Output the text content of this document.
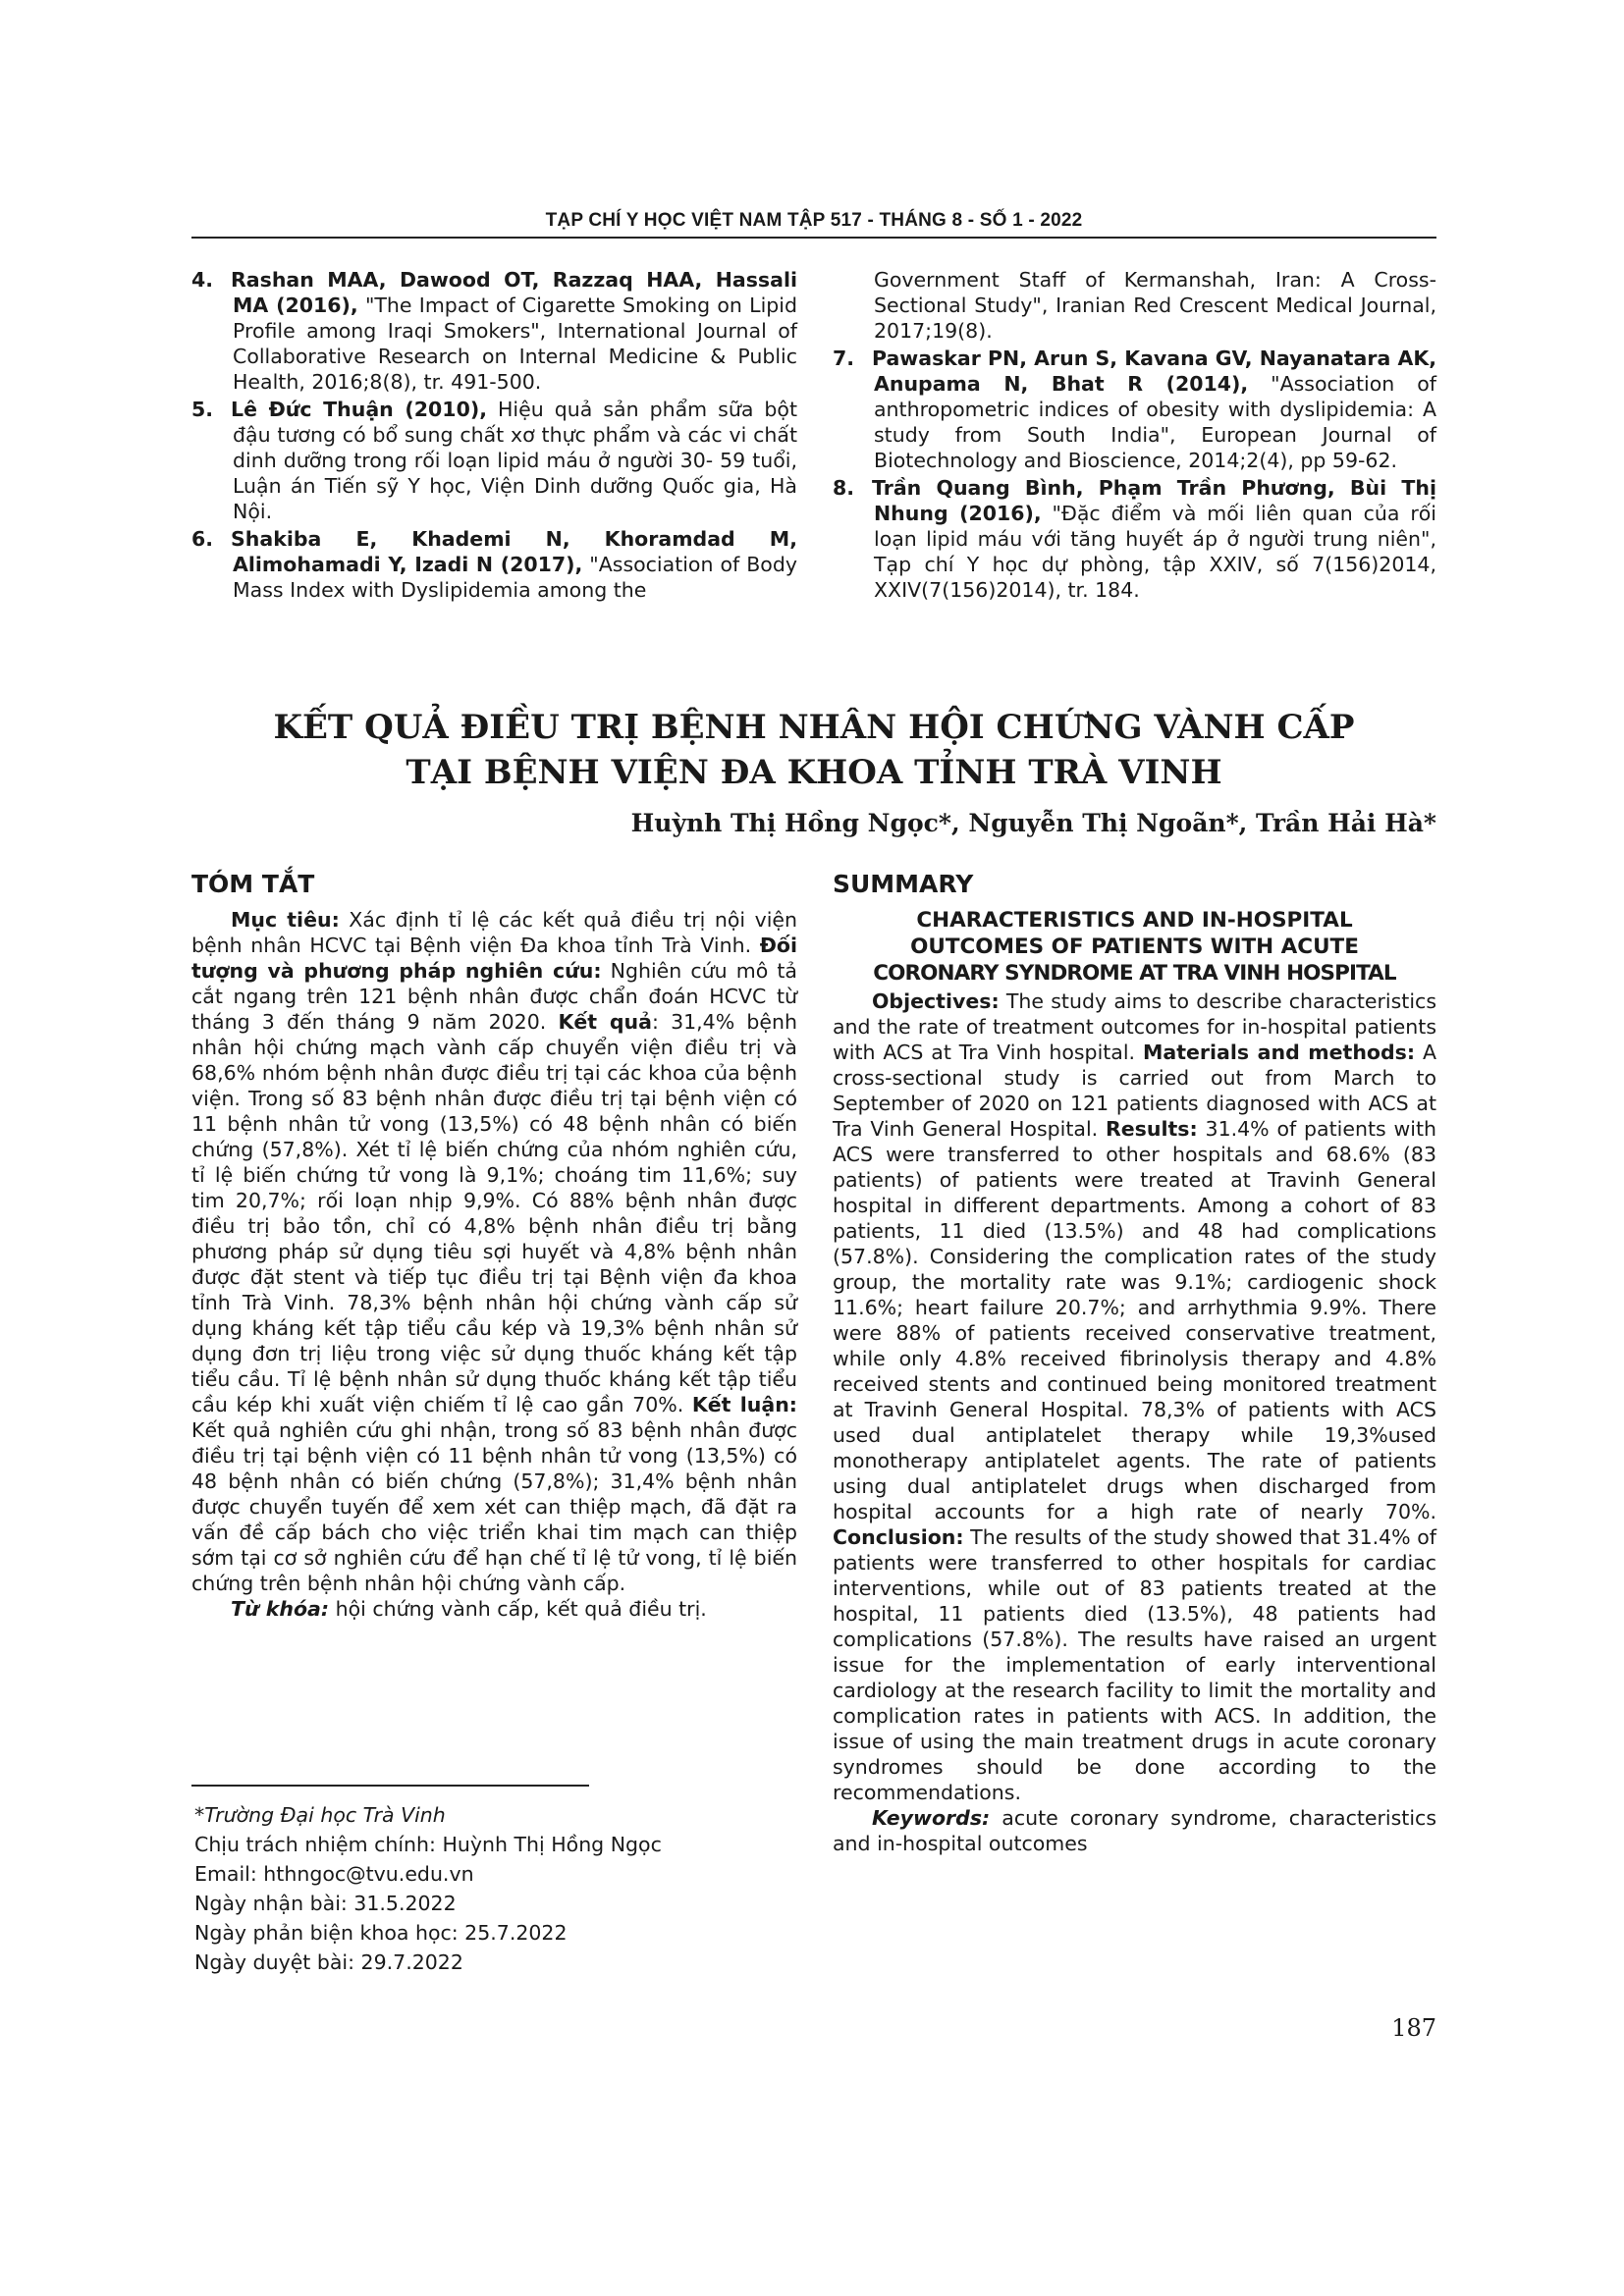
TẠP CHÍ Y HỌC VIỆT NAM TẬP 517 - THÁNG 8 - SỐ 1 - 2022

4. Rashan MAA, Dawood OT, Razzaq HAA, Hassali MA (2016), "The Impact of Cigarette Smoking on Lipid Profile among Iraqi Smokers", International Journal of Collaborative Research on Internal Medicine & Public Health, 2016;8(8), tr. 491-500.

5. Lê Đức Thuận (2010), Hiệu quả sản phẩm sữa bột đậu tương có bổ sung chất xơ thực phẩm và các vi chất dinh dưỡng trong rối loạn lipid máu ở người 30- 59 tuổi, Luận án Tiến sỹ Y học, Viện Dinh dưỡng Quốc gia, Hà Nội.

6. Shakiba E, Khademi N, Khoramdad M, Alimohamadi Y, Izadi N (2017), "Association of Body Mass Index with Dyslipidemia among the

Government Staff of Kermanshah, Iran: A Cross-Sectional Study", Iranian Red Crescent Medical Journal, 2017;19(8).

7. Pawaskar PN, Arun S, Kavana GV, Nayanatara AK, Anupama N, Bhat R (2014), "Association of anthropometric indices of obesity with dyslipidemia: A study from South India", European Journal of Biotechnology and Bioscience, 2014;2(4), pp 59-62.

8. Trần Quang Bình, Phạm Trần Phương, Bùi Thị Nhung (2016), "Đặc điểm và mối liên quan của rối loạn lipid máu với tăng huyết áp ở người trung niên", Tạp chí Y học dự phòng, tập XXIV, số 7(156)2014, XXIV(7(156)2014), tr. 184.

KẾT QUẢ ĐIỀU TRỊ BỆNH NHÂN HỘI CHỨNG VÀNH CẤP
TẠI BỆNH VIỆN ĐA KHOA TỈNH TRÀ VINH
Huỳnh Thị Hồng Ngọc*, Nguyễn Thị Ngoãn*, Trần Hải Hà*
TÓM TẮT

Mục tiêu: Xác định tỉ lệ các kết quả điều trị nội viện bệnh nhân HCVC tại Bệnh viện Đa khoa tỉnh Trà Vinh. Đối tượng và phương pháp nghiên cứu: Nghiên cứu mô tả cắt ngang trên 121 bệnh nhân được chẩn đoán HCVC từ tháng 3 đến tháng 9 năm 2020. Kết quả: 31,4% bệnh nhân hội chứng mạch vành cấp chuyển viện điều trị và 68,6% nhóm bệnh nhân được điều trị tại các khoa của bệnh viện. Trong số 83 bệnh nhân được điều trị tại bệnh viện có 11 bệnh nhân tử vong (13,5%) có 48 bệnh nhân có biến chứng (57,8%). Xét tỉ lệ biến chứng của nhóm nghiên cứu, tỉ lệ biến chứng tử vong là 9,1%; choáng tim 11,6%; suy tim 20,7%; rối loạn nhịp 9,9%. Có 88% bệnh nhân được điều trị bảo tồn, chỉ có 4,8% bệnh nhân điều trị bằng phương pháp sử dụng tiêu sợi huyết và 4,8% bệnh nhân được đặt stent và tiếp tục điều trị tại Bệnh viện đa khoa tỉnh Trà Vinh. 78,3% bệnh nhân hội chứng vành cấp sử dụng kháng kết tập tiểu cầu kép và 19,3% bệnh nhân sử dụng đơn trị liệu trong việc sử dụng thuốc kháng kết tập tiểu cầu. Tỉ lệ bệnh nhân sử dụng thuốc kháng kết tập tiểu cầu kép khi xuất viện chiếm tỉ lệ cao gần 70%. Kết luận: Kết quả nghiên cứu ghi nhận, trong số 83 bệnh nhân được điều trị tại bệnh viện có 11 bệnh nhân tử vong (13,5%) có 48 bệnh nhân có biến chứng (57,8%); 31,4% bệnh nhân được chuyển tuyến để xem xét can thiệp mạch, đã đặt ra vấn đề cấp bách cho việc triển khai tim mạch can thiệp sớm tại cơ sở nghiên cứu để hạn chế tỉ lệ tử vong, tỉ lệ biến chứng trên bệnh nhân hội chứng vành cấp.

Từ khóa: hội chứng vành cấp, kết quả điều trị.

SUMMARY
CHARACTERISTICS AND IN-HOSPITAL
OUTCOMES OF PATIENTS WITH ACUTE
CORONARY SYNDROME AT TRA VINH HOSPITAL

Objectives: The study aims to describe characteristics and the rate of treatment outcomes for in-hospital patients with ACS at Tra Vinh hospital. Materials and methods: A cross-sectional study is carried out from March to September of 2020 on 121 patients diagnosed with ACS at Tra Vinh General Hospital. Results: 31.4% of patients with ACS were transferred to other hospitals and 68.6% (83 patients) of patients were treated at Travinh General hospital in different departments. Among a cohort of 83 patients, 11 died (13.5%) and 48 had complications (57.8%). Considering the complication rates of the study group, the mortality rate was 9.1%; cardiogenic shock 11.6%; heart failure 20.7%; and arrhythmia 9.9%. There were 88% of patients received conservative treatment, while only 4.8% received fibrinolysis therapy and 4.8% received stents and continued being monitored treatment at Travinh General Hospital. 78,3% of patients with ACS used dual antiplatelet therapy while 19,3%used monotherapy antiplatelet agents. The rate of patients using dual antiplatelet drugs when discharged from hospital accounts for a high rate of nearly 70%. Conclusion: The results of the study showed that 31.4% of patients were transferred to other hospitals for cardiac interventions, while out of 83 patients treated at the hospital, 11 patients died (13.5%), 48 patients had complications (57.8%). The results have raised an urgent issue for the implementation of early interventional cardiology at the research facility to limit the mortality and complication rates in patients with ACS. In addition, the issue of using the main treatment drugs in acute coronary syndromes should be done according to the recommendations.

Keywords: acute coronary syndrome, characteristics and in-hospital outcomes

*Trường Đại học Trà Vinh

Chịu trách nhiệm chính: Huỳnh Thị Hồng Ngọc

Email: hthngoc@tvu.edu.vn

Ngày nhận bài: 31.5.2022

Ngày phản biện khoa học: 25.7.2022

Ngày duyệt bài: 29.7.2022

187
